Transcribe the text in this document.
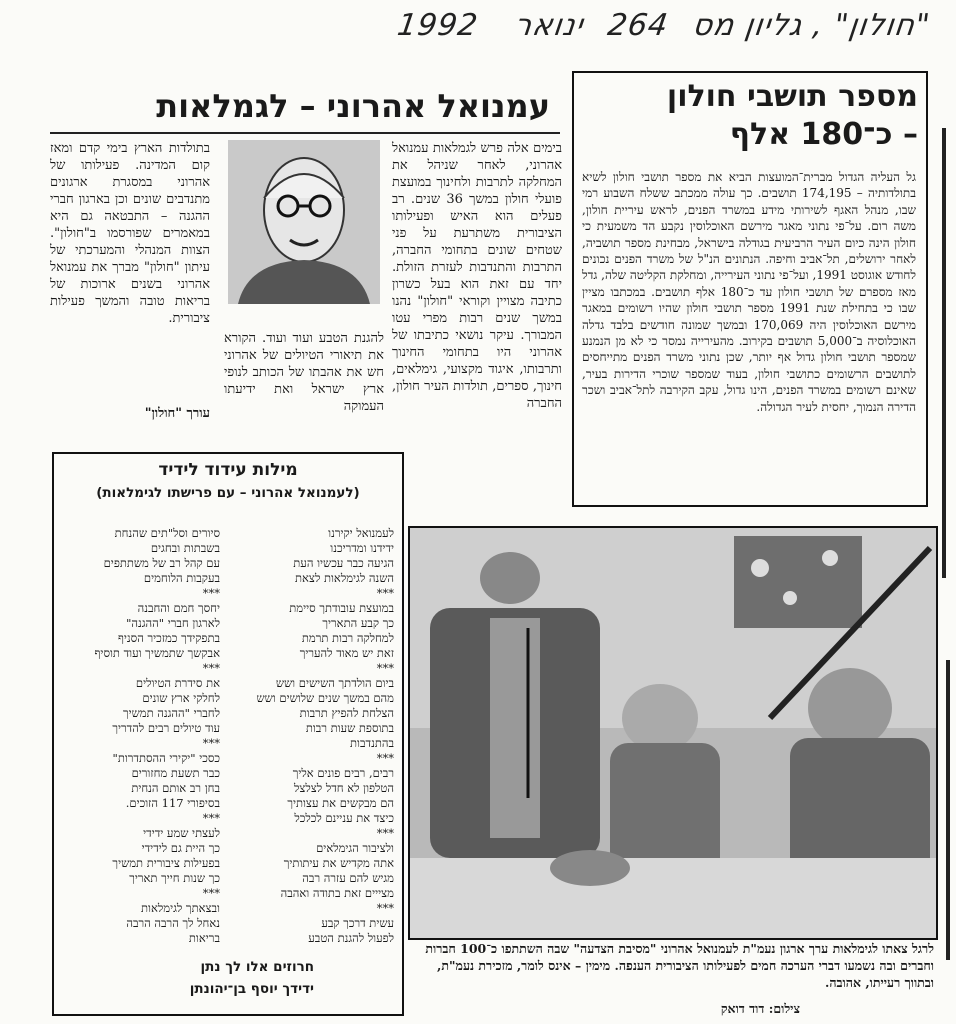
"חולון" , גליון מס 264 ינואר 1992
מספר תושבי חולון
– כ־180 אלף
גל העליה הגדול מברית־המועצות הביא את מספר תושבי חולון לשיא בתולדותיה – 174,195 תושבים. כך עולה ממכתב ששלח השבוע רמי שבו, מנהל האגף לשירותי מידע במשרד הפנים, לראש עיריית חולון, משה רום. על־פי נתוני מאגר מירשם האוכלוסין נקבע הד משמעית כי חולון הינה כיום העיר הרביעית בגודלה בישראל, מבחינת מספר תושביה, לאחר ירושלים, תל־אביב וחיפה. הנתונים הנ"ל של משרד הפנים נכונים לחודש אוגוסט 1991, ועל־פי נתוני העירייה, ומחלקת הקליטה שלה, גדל מאז מספרם של תושבי חולון עד כ־180 אלף תושבים. במכתבו מציין שבו כי בתחילת שנת 1991 מספר תושבי חולון שהיו רשומים במאגר מירשם האוכלוסין היה 170,069 ובמשך שמונה חודשים בלבד גדלה האוכלוסיה ב־5,000 תושבים בקירוב. מהעירייה נמסר כי לא מן הנמנע שמספר תושבי חולון גדול אף יותר, שכן נתוני משרד הפנים מתייחסים לתושבים הרשומים כתושבי חולון, בעוד שמספר שוכרי הדירות בעיר, שאינם רשומים במשרד הפנים, הינו גדול, עקב הקירבה לתל־אביב ושכר הדירה הנמוך, יחסית לעיר הגדולה.
עמנואל אהרוני – לגמלאות
בימים אלה פרש לגמלאות עמנואל אהרוני, לאחר שניהל את המחלקה לתרבות ולחינוך במועצת פועלי חולון במשך 36 שנים. רב פעלים הוא האיש ופעילותו הציבורית משתרעת על פני שטחים שונים בתחומי החברה, התרבות והתנדבות לעזרת הזולת. יחד עם זאת הוא בעל כשרון כתיבה מצויין וקוראי "חולון" נהנו במשך שנים רבות מפרי עטו המבורך. עיקר נושאי כתיבתו של אהרוני היו בתחומי החינוך ותרבותו, איגוד מקצועי, גימלאים, חינוך, ספרים, תולדות העיר חולון, החברה
להגנת הטבע ועוד ועוד. הקורא את תיאורי הטיולים של אהרוני חש את אהבתו של הכותב לנופי ארץ ישראל ואת ידיעתו העמוקה
בתולדות הארץ בימי קדם ומאז קום המדינה. פעילותו של אהרוני במסגרת ארגונים מתנדבים שונים וכן בארגון חברי ההגנה – התבטאה גם היא במאמרים שפורסמו ב"חולון". הצוות המנהלי והמערכתי של עיתון "חולון" מברך את עמנואל אהרוני בשנים ארוכות של בריאות טובה והמשך פעילות ציבורית.
עורך "חולון"
מילות עידוד לידיד
(לעמנואל אהרוני – עם פרישתו לגימלאות)
לעמנואל יקירנו
ידידנו ומדריכנו
הגיעה כבר עכשיו העת
השנה לגימלאות לצאת
***
במועצת עובודתך סיימת
כך קבע התאריך
למחלקה רבות תרמת
זאת יש מאוד להעריך
***
ביום הולדתך השישים ושש
מהם במשך שנים שלושים ושש
הצלחת להפיץ תרבות
בתוספת שעות רבות
בהתנדבות
***
רבים, רבים פונים אליך
הטלפון לא חדל לצלצל
הם מבקשים את עצותיך
כיצד את עניינם לכלכל
***
ולציבור הגימלאים
אתה מקדיש את עיתותיך
מגיש להם עזרה רבה
מצייים זאת בתודה ואהבה
***
עשית דרכך קבע
לפעול להגנת הטבע

סיורים וסל"תים שהנחת
בשבתות ובחגים
עם קהל רב של משתתפים
בעקבות הלוחמים
***
יחסך חמם והחבנה
לארגון חברי "ההגנה"
בתפקידך כמזכיר הסניף
אבקשך שתמשיך ועוד תוסיף
***
את סידרת הטיולים
לחלקי ארץ שונים
לחברי "ההגנה תמשיך
עוד טיולים רבים להדריך
***
כסכי "יקירי ההסתדרות"
כבר תשעת מחזורים
בחן רב אותם הנחית
בסיפורי 117 הזוכים.
***
לעצתי שמע ידידי
כך היית גם לידידי
בפעילות ציבורית תמשיך
כך שנות חייך תאריך
***
ובצאתך לגימלאות
נאחל לך הרבה הרבה
בריאות

חרוזים אלו לך נתן
ידידך יוסף בן־יהונתן
לרגל צאתו לגימלאות ערך ארגון נעמ"ת לעמנואל אהרוני "מסיבת הצדעה" שבה השתתפו כ־100 חברות וחברים ובה נשמעו דברי הערכה חמים לפעילותו הציבורית הענפה. מימין – אינס לומר, מזכירת נעמ"ת, ובתווך רעייתו, אהובה.
צילום: דוד דואק
